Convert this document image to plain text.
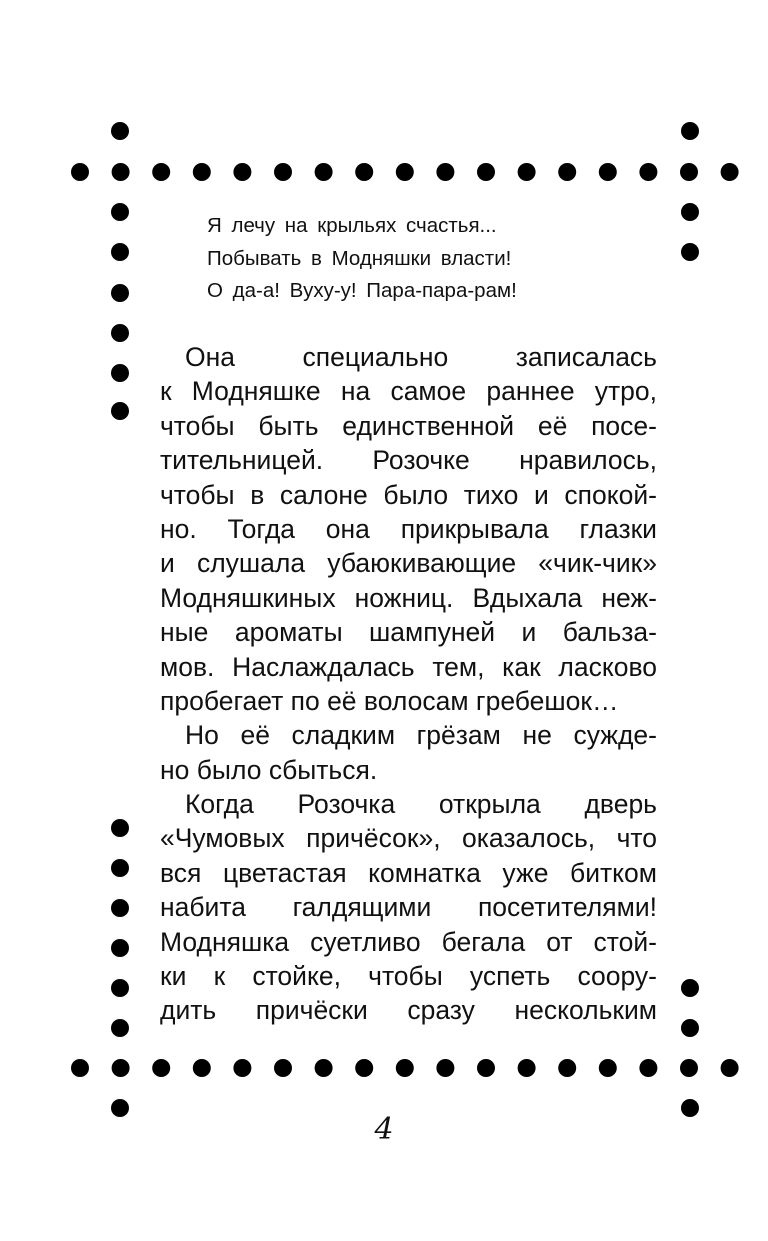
Я лечу на крыльях счастья...
Побывать в Модняшки власти!
О да-а! Вуху-у! Пара-пара-рам!
Она специально записалась
к Модняшке на самое раннее утро,
чтобы быть единственной её посе-
тительницей. Розочке нравилось,
чтобы в салоне было тихо и спокой-
но. Тогда она прикрывала глазки
и слушала убаюкивающие «чик-чик»
Модняшкиных ножниц. Вдыхала неж-
ные ароматы шампуней и бальза-
мов. Наслаждалась тем, как ласково
пробегает по её волосам гребешок…
Но её сладким грёзам не сужде-
но было сбыться.
Когда Розочка открыла дверь
«Чумовых причёсок», оказалось, что
вся цветастая комнатка уже битком
набита галдящими посетителями!
Модняшка суетливо бегала от стой-
ки к стойке, чтобы успеть соору-
дить причёски сразу нескольким
4
